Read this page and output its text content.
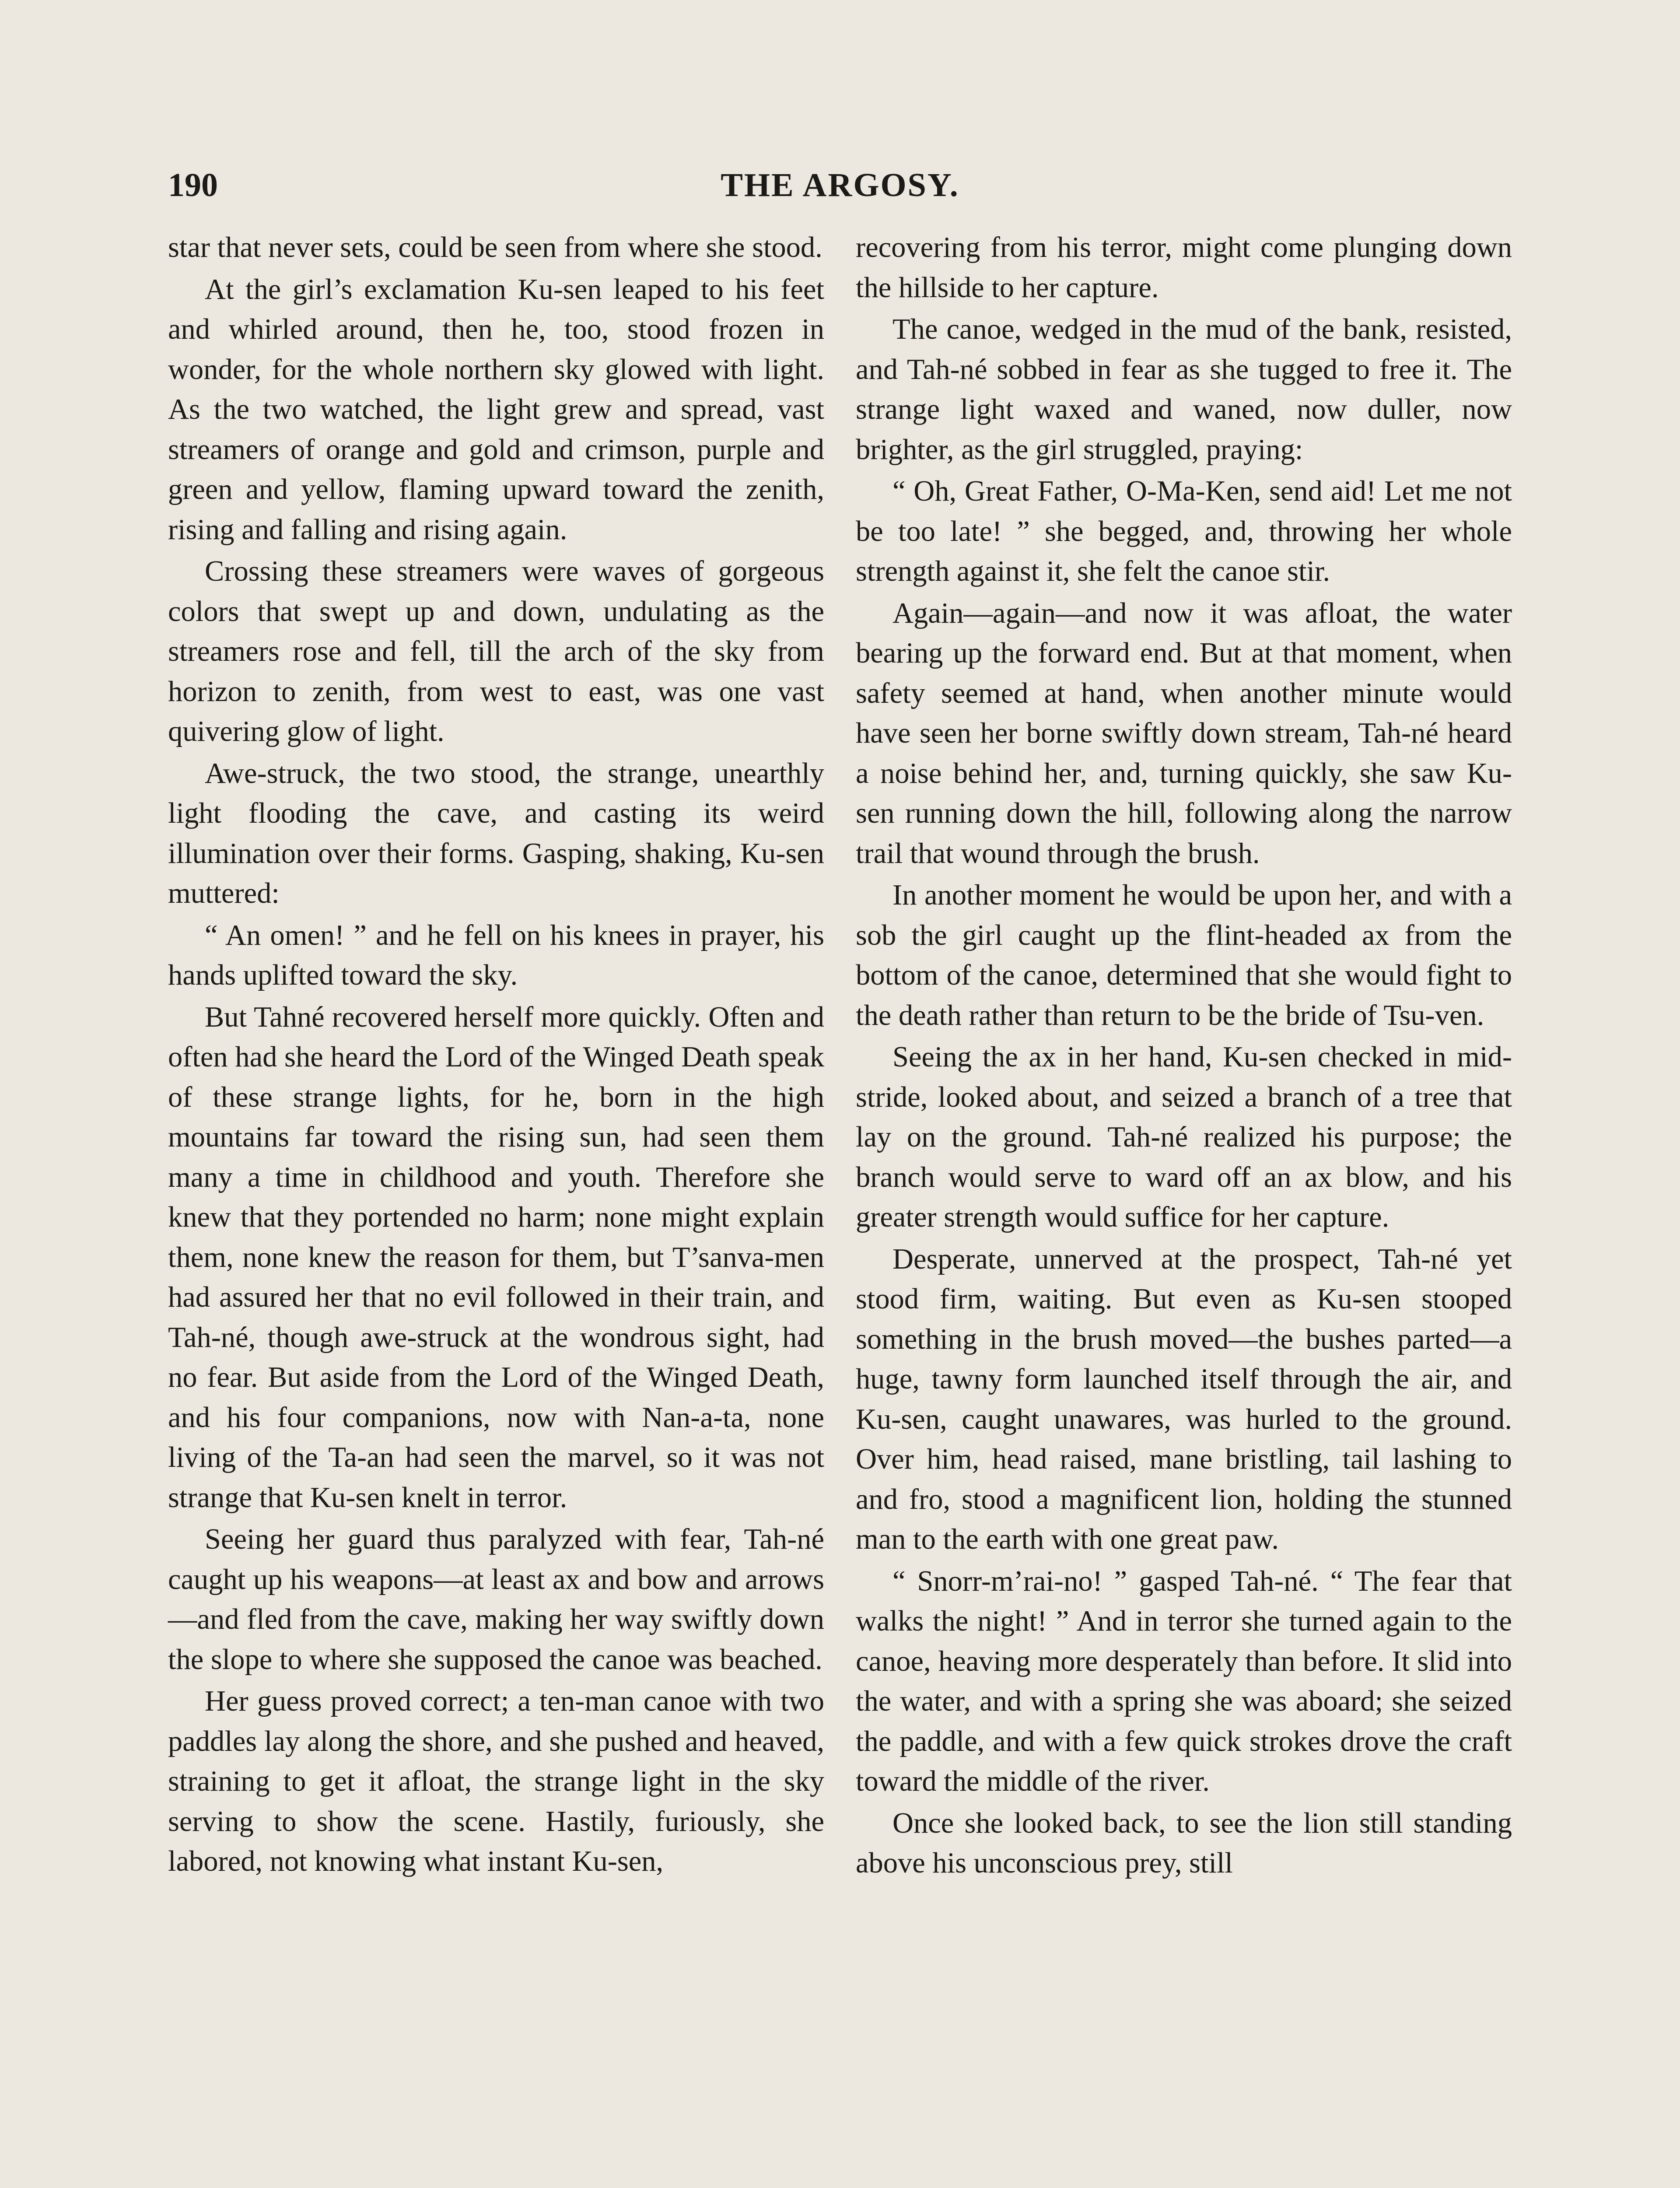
190	THE ARGOSY.

star that never sets, could be seen from where she stood.

At the girl’s exclamation Ku-sen leaped to his feet and whirled around, then he, too, stood frozen in wonder, for the whole northern sky glowed with light. As the two watched, the light grew and spread, vast streamers of orange and gold and crimson, purple and green and yellow, flaming upward toward the zenith, rising and falling and rising again.

Crossing these streamers were waves of gorgeous colors that swept up and down, undulating as the streamers rose and fell, till the arch of the sky from horizon to zenith, from west to east, was one vast quivering glow of light.

Awe-struck, the two stood, the strange, unearthly light flooding the cave, and casting its weird illumination over their forms. Gasping, shaking, Ku-sen muttered:

“ An omen! ” and he fell on his knees in prayer, his hands uplifted toward the sky.

But Tahné recovered herself more quickly. Often and often had she heard the Lord of the Winged Death speak of these strange lights, for he, born in the high mountains far toward the rising sun, had seen them many a time in childhood and youth. Therefore she knew that they portended no harm; none might explain them, none knew the reason for them, but T’sanva-men had assured her that no evil followed in their train, and Tah-né, though awe-struck at the wondrous sight, had no fear. But aside from the Lord of the Winged Death, and his four companions, now with Nan-a-ta, none living of the Ta-an had seen the marvel, so it was not strange that Ku-sen knelt in terror.

Seeing her guard thus paralyzed with fear, Tah-né caught up his weapons—at least ax and bow and arrows—and fled from the cave, making her way swiftly down the slope to where she supposed the canoe was beached.

Her guess proved correct; a ten-man canoe with two paddles lay along the shore, and she pushed and heaved, straining to get it afloat, the strange light in the sky serving to show the scene. Hastily, furiously, she labored, not knowing what instant Ku-sen,

recovering from his terror, might come plunging down the hillside to her capture.

The canoe, wedged in the mud of the bank, resisted, and Tah-né sobbed in fear as she tugged to free it. The strange light waxed and waned, now duller, now brighter, as the girl struggled, praying:

“ Oh, Great Father, O-Ma-Ken, send aid! Let me not be too late! ” she begged, and, throwing her whole strength against it, she felt the canoe stir.

Again—again—and now it was afloat, the water bearing up the forward end. But at that moment, when safety seemed at hand, when another minute would have seen her borne swiftly down stream, Tah-né heard a noise behind her, and, turning quickly, she saw Ku-sen running down the hill, following along the narrow trail that wound through the brush.

In another moment he would be upon her, and with a sob the girl caught up the flint-headed ax from the bottom of the canoe, determined that she would fight to the death rather than return to be the bride of Tsu-ven.

Seeing the ax in her hand, Ku-sen checked in mid-stride, looked about, and seized a branch of a tree that lay on the ground. Tah-né realized his purpose; the branch would serve to ward off an ax blow, and his greater strength would suffice for her capture.

Desperate, unnerved at the prospect, Tah-né yet stood firm, waiting. But even as Ku-sen stooped something in the brush moved—the bushes parted—a huge, tawny form launched itself through the air, and Ku-sen, caught unawares, was hurled to the ground. Over him, head raised, mane bristling, tail lashing to and fro, stood a magnificent lion, holding the stunned man to the earth with one great paw.

“ Snorr-m’rai-no! ” gasped Tah-né. “ The fear that walks the night! ” And in terror she turned again to the canoe, heaving more desperately than before. It slid into the water, and with a spring she was aboard; she seized the paddle, and with a few quick strokes drove the craft toward the middle of the river.

Once she looked back, to see the lion still standing above his unconscious prey, still
